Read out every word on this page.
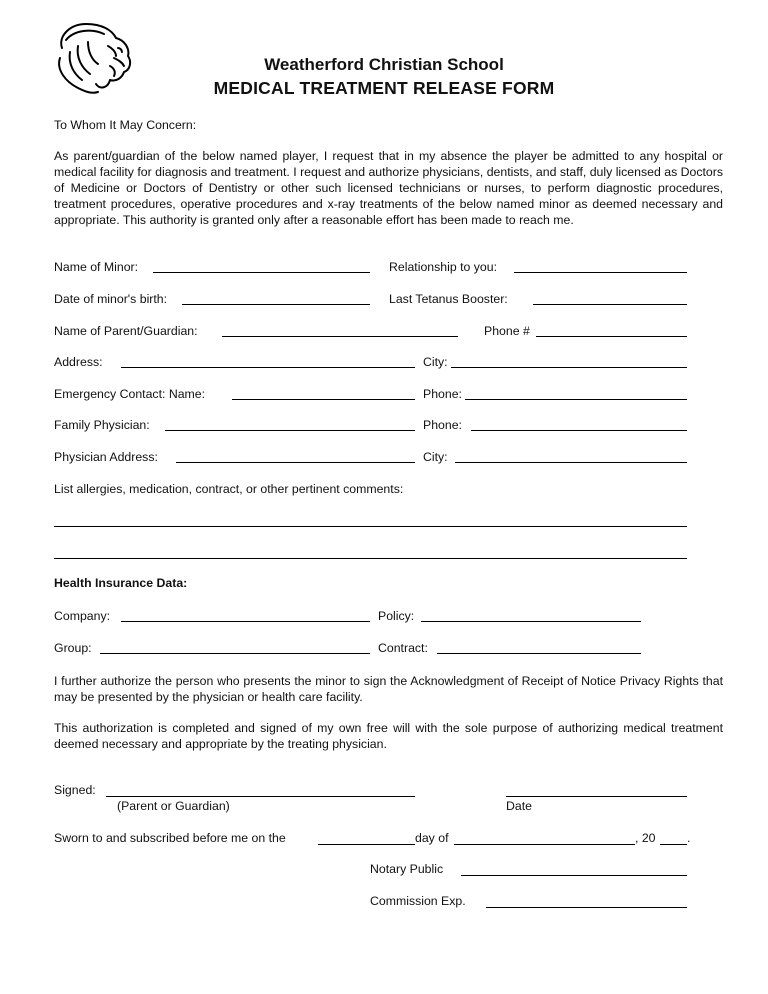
Weatherford Christian School
MEDICAL TREATMENT RELEASE FORM
To Whom It May Concern:
As parent/guardian of the below named player, I request that in my absence the player be admitted to any hospital or medical facility for diagnosis and treatment. I request and authorize physicians, dentists, and staff, duly licensed as Doctors of Medicine or Doctors of Dentistry or other such licensed technicians or nurses, to perform diagnostic procedures, treatment procedures, operative procedures and x-ray treatments of the below named minor as deemed necessary and appropriate. This authority is granted only after a reasonable effort has been made to reach me.
Name of Minor:	Relationship to you:
Date of minor's birth:	Last Tetanus Booster:
Name of Parent/Guardian:	Phone #
Address:	City:
Emergency Contact: Name:	Phone:
Family Physician:	Phone:
Physician Address:	City:
List allergies, medication, contract, or other pertinent comments:
Health Insurance Data:
Company:	Policy:
Group:	Contract:
I further authorize the person who presents the minor to sign the Acknowledgment of Receipt of Notice Privacy Rights that may be presented by the physician or health care facility.
This authorization is completed and signed of my own free will with the sole purpose of authorizing medical treatment deemed necessary and appropriate by the treating physician.
Signed:
(Parent or Guardian)	Date
Sworn to and subscribed before me on the	day of	, 20	.
Notary Public
Commission Exp.
